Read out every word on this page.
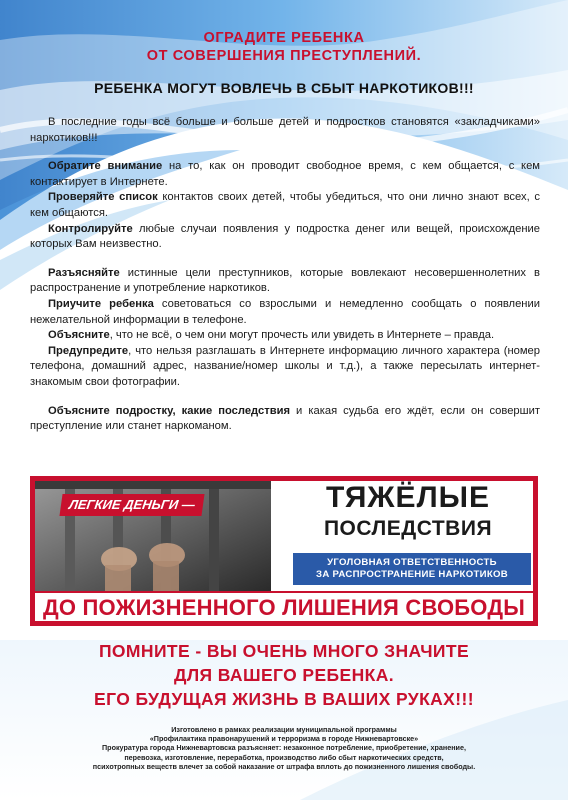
ОГРАДИТЕ РЕБЕНКА
ОТ СОВЕРШЕНИЯ ПРЕСТУПЛЕНИЙ.
РЕБЕНКА МОГУТ ВОВЛЕЧЬ В СБЫТ НАРКОТИКОВ!!!

В последние годы всё больше и больше детей и подростков становятся «закладчиками» наркотиков!!!

Обратите внимание на то, как он проводит свободное время, с кем общается, с кем контактирует в Интернете.

Проверяйте список контактов своих детей, чтобы убедиться, что они лично знают всех, с кем общаются.

Контролируйте любые случаи появления у подростка денег или вещей, происхождение которых Вам неизвестно.

Разъясняйте истинные цели преступников, которые вовлекают несовершеннолетних в распространение и употребление наркотиков.

Приучите ребенка советоваться со взрослыми и немедленно сообщать о появлении нежелательной информации в телефоне.

Объясните, что не всё, о чем они могут прочесть или увидеть в Интернете – правда.

Предупредите, что нельзя разглашать в Интернете информацию личного характера (номер телефона, домашний адрес, название/номер школы и т.д.), а также пересылать интернет-знакомым свои фотографии.

Объясните подростку, какие последствия и какая судьба его ждёт, если он совершит преступление или станет наркоманом.

ЛЕГКИЕ ДЕНЬГИ —	ТЯЖЁЛЫЕ
ПОСЛЕДСТВИЯ
УГОЛОВНАЯ ОТВЕТСТВЕННОСТЬ
ЗА РАСПРОСТРАНЕНИЕ НАРКОТИКОВ
ДО ПОЖИЗНЕННОГО ЛИШЕНИЯ СВОБОДЫ
ПОМНИТЕ - ВЫ ОЧЕНЬ МНОГО ЗНАЧИТЕ
ДЛЯ ВАШЕГО РЕБЕНКА.
ЕГО БУДУЩАЯ ЖИЗНЬ В ВАШИХ РУКАХ!!!
Изготовлено в рамках реализации муниципальной программы
«Профилактика правонарушений и терроризма в городе Нижневартовске»
Прокуратура города Нижневартовска разъясняет: незаконное потребление, приобретение, хранение,
перевозка, изготовление, переработка, производство либо сбыт наркотических средств,
психотропных веществ влечет за собой наказание от штрафа вплоть до пожизненного лишения свободы.
